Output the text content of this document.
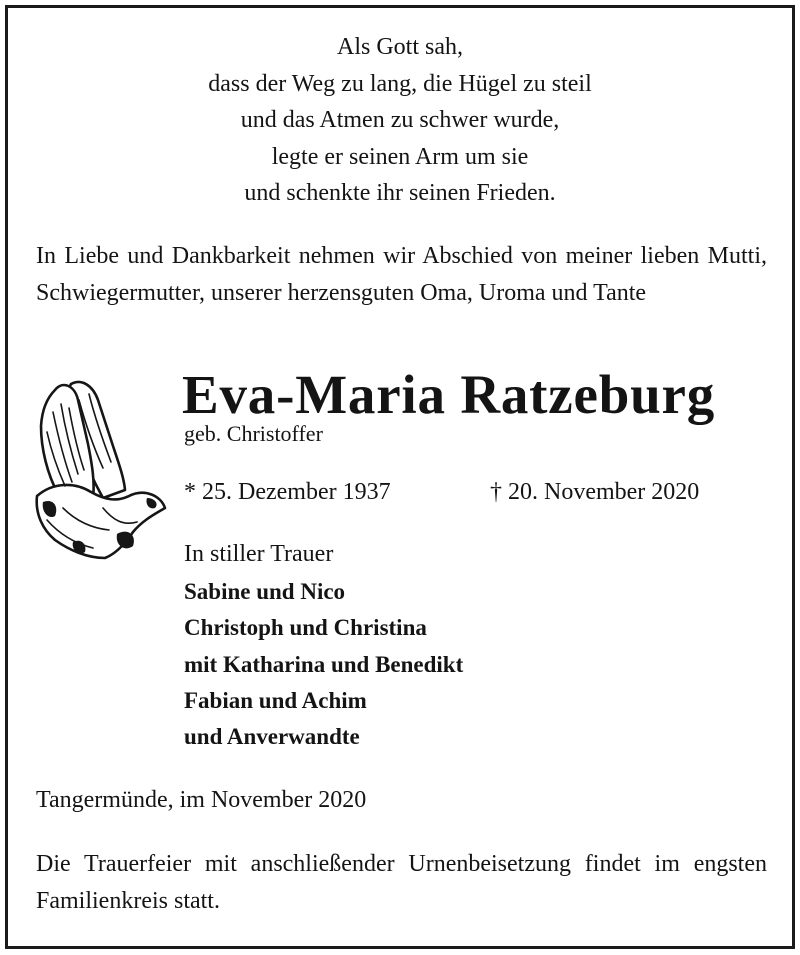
Als Gott sah,
dass der Weg zu lang, die Hügel zu steil
und das Atmen zu schwer wurde,
legte er seinen Arm um sie
und schenkte ihr seinen Frieden.
In Liebe und Dankbarkeit nehmen wir Abschied von meiner lieben Mutti, Schwiegermutter, unserer herzensguten Oma, Uroma und Tante
Eva-Maria Ratzeburg
geb. Christoffer
* 25. Dezember 1937	† 20. November 2020
In stiller Trauer
Sabine und Nico
Christoph und Christina
mit Katharina und Benedikt
Fabian und Achim
und Anverwandte
Tangermünde, im November 2020
Die Trauerfeier mit anschließender Urnenbeisetzung findet im engsten Familienkreis statt.
